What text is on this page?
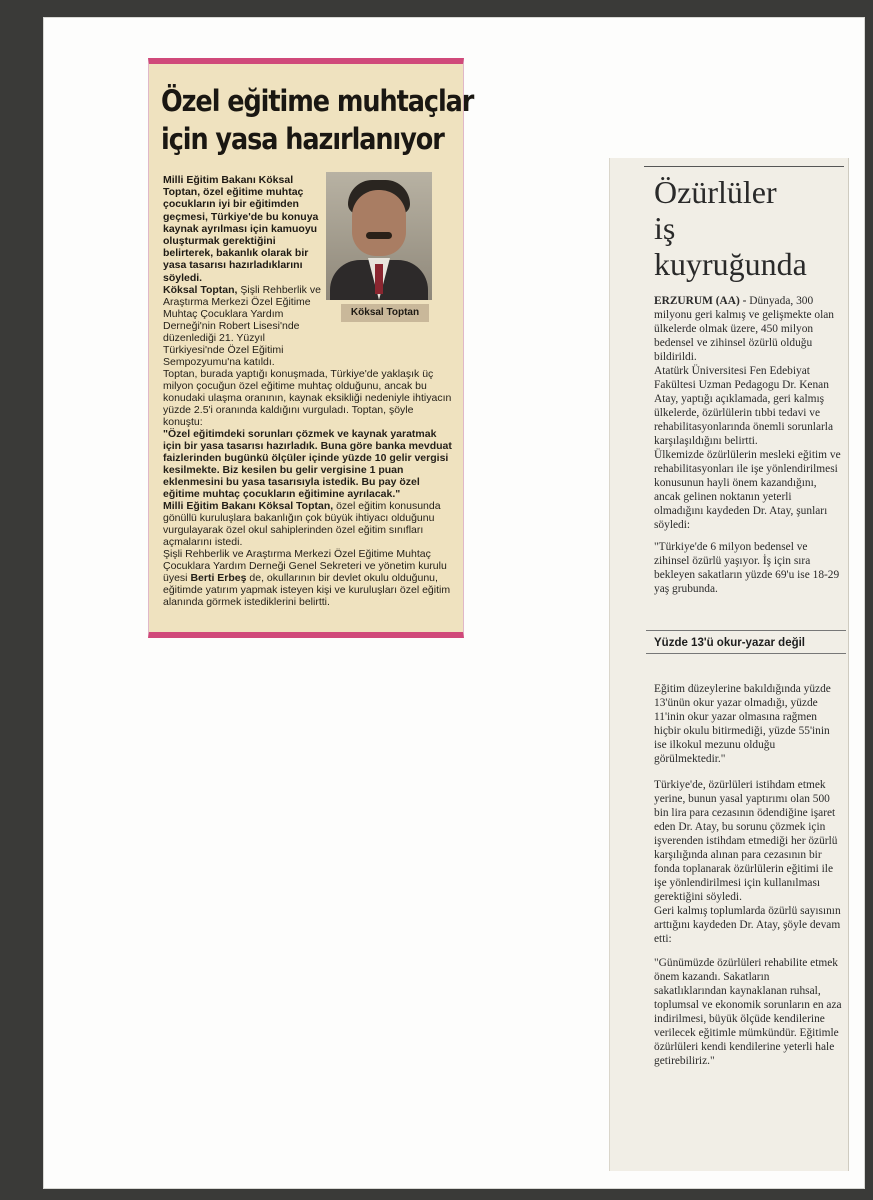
Özel eğitime muhtaçlar
için yasa hazırlanıyor
Milli Eğitim Bakanı Köksal Toptan, özel eğitime muhtaç çocukların iyi bir eğitimden geçmesi, Türkiye'de bu konuya kaynak ayrılması için kamuoyu oluşturmak gerektiğini belirterek, bakanlık olarak bir yasa tasarısı hazırladıklarını söyledi.
Köksal Toptan

Köksal Toptan, Şişli Rehberlik ve Araştırma Merkezi Özel Eğitime Muhtaç Çocuklara Yardım Derneği'nin Robert Lisesi'nde düzenlediği 21. Yüzyıl Türkiyesi'nde Özel Eğitimi Sempozyumu'na katıldı.

Toptan, burada yaptığı konuşmada, Türkiye'de yaklaşık üç milyon çocuğun özel eğitime muhtaç olduğunu, ancak bu konudaki ulaşma oranının, kaynak eksikliği nedeniyle ihtiyacın yüzde 2.5'i oranında kaldığını vurguladı. Toptan, şöyle konuştu:

"Özel eğitimdeki sorunları çözmek ve kaynak yaratmak için bir yasa tasarısı hazırladık. Buna göre banka mevduat faizlerinden bugünkü ölçüler içinde yüzde 10 gelir vergisi kesilmekte. Biz kesilen bu gelir vergisine 1 puan eklenmesini bu yasa tasarısıyla istedik. Bu pay özel eğitime muhtaç çocukların eğitimine ayrılacak."

Milli Eğitim Bakanı Köksal Toptan, özel eğitim konusunda gönüllü kuruluşlara bakanlığın çok büyük ihtiyacı olduğunu vurgulayarak özel okul sahiplerinden özel eğitim sınıfları açmalarını istedi.

Şişli Rehberlik ve Araştırma Merkezi Özel Eğitime Muhtaç Çocuklara Yardım Derneği Genel Sekreteri ve yönetim kurulu üyesi Berti Erbeş de, okullarının bir devlet okulu olduğunu, eğitimde yatırım yapmak isteyen kişi ve kuruluşları özel eğitim alanında görmek istediklerini belirtti.

Özürlüler
iş
kuyruğunda

ERZURUM (AA) - Dünyada, 300 milyonu geri kalmış ve gelişmekte olan ülkelerde olmak üzere, 450 milyon bedensel ve zihinsel özürlü olduğu bildirildi.

Atatürk Üniversitesi Fen Edebiyat Fakültesi Uzman Pedagogu Dr. Kenan Atay, yaptığı açıklamada, geri kalmış ülkelerde, özürlülerin tıbbi tedavi ve rehabilitasyonlarında önemli sorunlarla karşılaşıldığını belirtti.

Ülkemizde özürlülerin mesleki eğitim ve rehabilitasyonları ile işe yönlendirilmesi konusunun hayli önem kazandığını, ancak gelinen noktanın yeterli olmadığını kaydeden Dr. Atay, şunları söyledi:

"Türkiye'de 6 milyon bedensel ve zihinsel özürlü yaşıyor. İş için sıra bekleyen sakatların yüzde 69'u ise 18-29 yaş grubunda.

Yüzde 13'ü okur-yazar değil

Eğitim düzeylerine bakıldığında yüzde 13'ünün okur yazar olmadığı, yüzde 11'inin okur yazar olmasına rağmen hiçbir okulu bitirmediği, yüzde 55'inin ise ilkokul mezunu olduğu görülmektedir."

Türkiye'de, özürlüleri istihdam etmek yerine, bunun yasal yaptırımı olan 500 bin lira para cezasının ödendiğine işaret eden Dr. Atay, bu sorunu çözmek için işverenden istihdam etmediği her özürlü karşılığında alınan para cezasının bir fonda toplanarak özürlülerin eğitimi ile işe yönlendirilmesi için kullanılması gerektiğini söyledi.

Geri kalmış toplumlarda özürlü sayısının arttığını kaydeden Dr. Atay, şöyle devam etti:

"Günümüzde özürlüleri rehabilite etmek önem kazandı. Sakatların sakatlıklarından kaynaklanan ruhsal, toplumsal ve ekonomik sorunların en aza indirilmesi, büyük ölçüde kendilerine verilecek eğitimle mümkündür. Eğitimle özürlüleri kendi kendilerine yeterli hale getirebiliriz."
